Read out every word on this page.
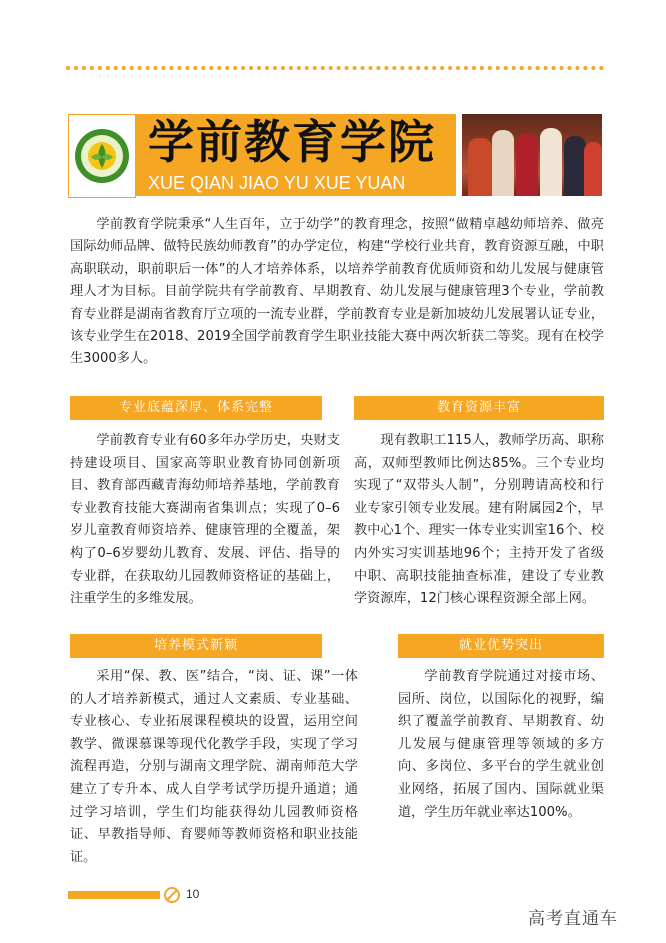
学前教育学院
XUE QIAN JIAO YU XUE YUAN

学前教育学院秉承“人生百年，立于幼学”的教育理念，按照“做精卓越幼师培养、做亮国际幼师品牌、做特民族幼师教育”的办学定位，构建“学校行业共育，教育资源互融，中职高职联动，职前职后一体”的人才培养体系，以培养学前教育优质师资和幼儿发展与健康管理人才为目标。目前学院共有学前教育、早期教育、幼儿发展与健康管理3个专业，学前教育专业群是湖南省教育厅立项的一流专业群，学前教育专业是新加坡幼儿发展署认证专业，该专业学生在2018、2019全国学前教育学生职业技能大赛中两次斩获二等奖。现有在校学生3000多人。

专业底蕴深厚、体系完整

学前教育专业有60多年办学历史，央财支持建设项目、国家高等职业教育协同创新项目、教育部西藏青海幼师培养基地，学前教育专业教育技能大赛湖南省集训点；实现了0–6岁儿童教育师资培养、健康管理的全覆盖，架构了0–6岁婴幼儿教育、发展、评估、指导的专业群，在获取幼儿园教师资格证的基础上，注重学生的多维发展。

教育资源丰富

现有教职工115人，教师学历高、职称高，双师型教师比例达85%。三个专业均实现了“双带头人制”，分别聘请高校和行业专家引领专业发展。建有附属园2个，早教中心1个、理实一体专业实训室16个、校内外实习实训基地96个；主持开发了省级中职、高职技能抽查标准，建设了专业教学资源库，12门核心课程资源全部上网。

培养模式新颖

采用“保、教、医”结合，“岗、证、课”一体的人才培养新模式，通过人文素质、专业基础、专业核心、专业拓展课程模块的设置，运用空间教学、微课慕课等现代化教学手段，实现了学习流程再造，分别与湖南文理学院、湖南师范大学建立了专升本、成人自学考试学历提升通道；通过学习培训，学生们均能获得幼儿园教师资格证、早教指导师、育婴师等教师资格和职业技能证。

就业优势突出

学前教育学院通过对接市场、园所、岗位，以国际化的视野，编织了覆盖学前教育、早期教育、幼儿发展与健康管理等领域的多方向、多岗位、多平台的学生就业创业网络，拓展了国内、国际就业渠道，学生历年就业率达100%。

10
高考直通车
